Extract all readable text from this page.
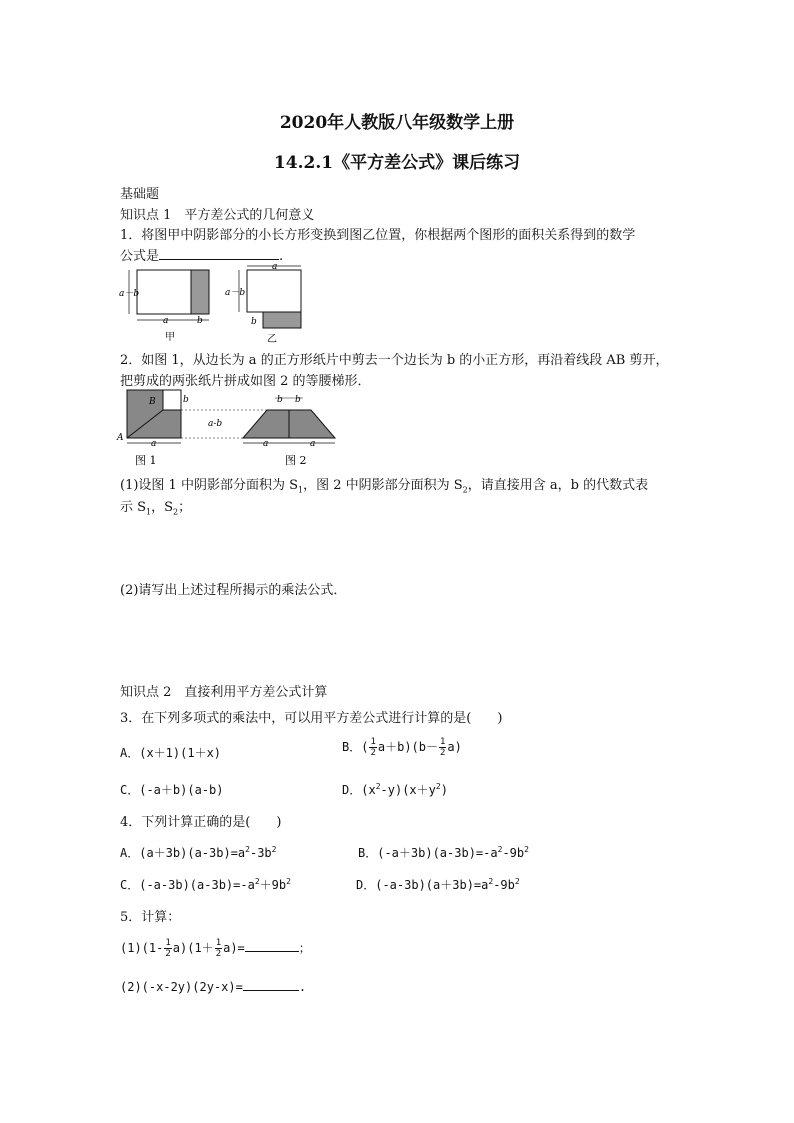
2020年人教版八年级数学上册
14.2.1《平方差公式》课后练习
基础题
知识点 1　平方差公式的几何意义
1．将图甲中阴影部分的小长方形变换到图乙位置，你根据两个图形的面积关系得到的数学
公式是	.
a－b
a	b
甲
a－b
a
b
乙
2．如图 1，从边长为 a 的正方形纸片中剪去一个边长为 b 的小正方形，再沿着线段 AB 剪开，
把剪成的两张纸片拼成如图 2 的等腰梯形．
B
A
b
a
a-b
图 1
b b
a	a
图 2
(1)设图 1 中阴影部分面积为 $S_1$，图 2 中阴影部分面积为 $S_2$，请直接用含 a，b 的代数式表
示 $S_1$，$S_2$；
(2)请写出上述过程所揭示的乘法公式．
知识点 2　直接利用平方差公式计算
3．在下列多项式的乘法中，可以用平方差公式进行计算的是(　　)
A．(x＋1)(1＋x)	B．( $\frac{1}{2} a+b)(b- \frac{1}{2} a)$
C．(-a＋b)(a-b)	D．$(x^2-y)(x+y^2)$
4．下列计算正确的是(　　)
A．$(a+3b)(a-3b)=a^2-3b^2$	B．$(-a+3b)(a-3b)=-a^2-9b^2$
C．$(-a-3b)(a-3b)=-a^2+9b^2$	D．$(-a-3b)(a+3b)=a^2-9b^2$
5．计算：
$(1)(1- \frac{1}{2} a)(1+ \frac{1}{2} a)=$	；
(2)(-x-2y)(2y-x)=	.
